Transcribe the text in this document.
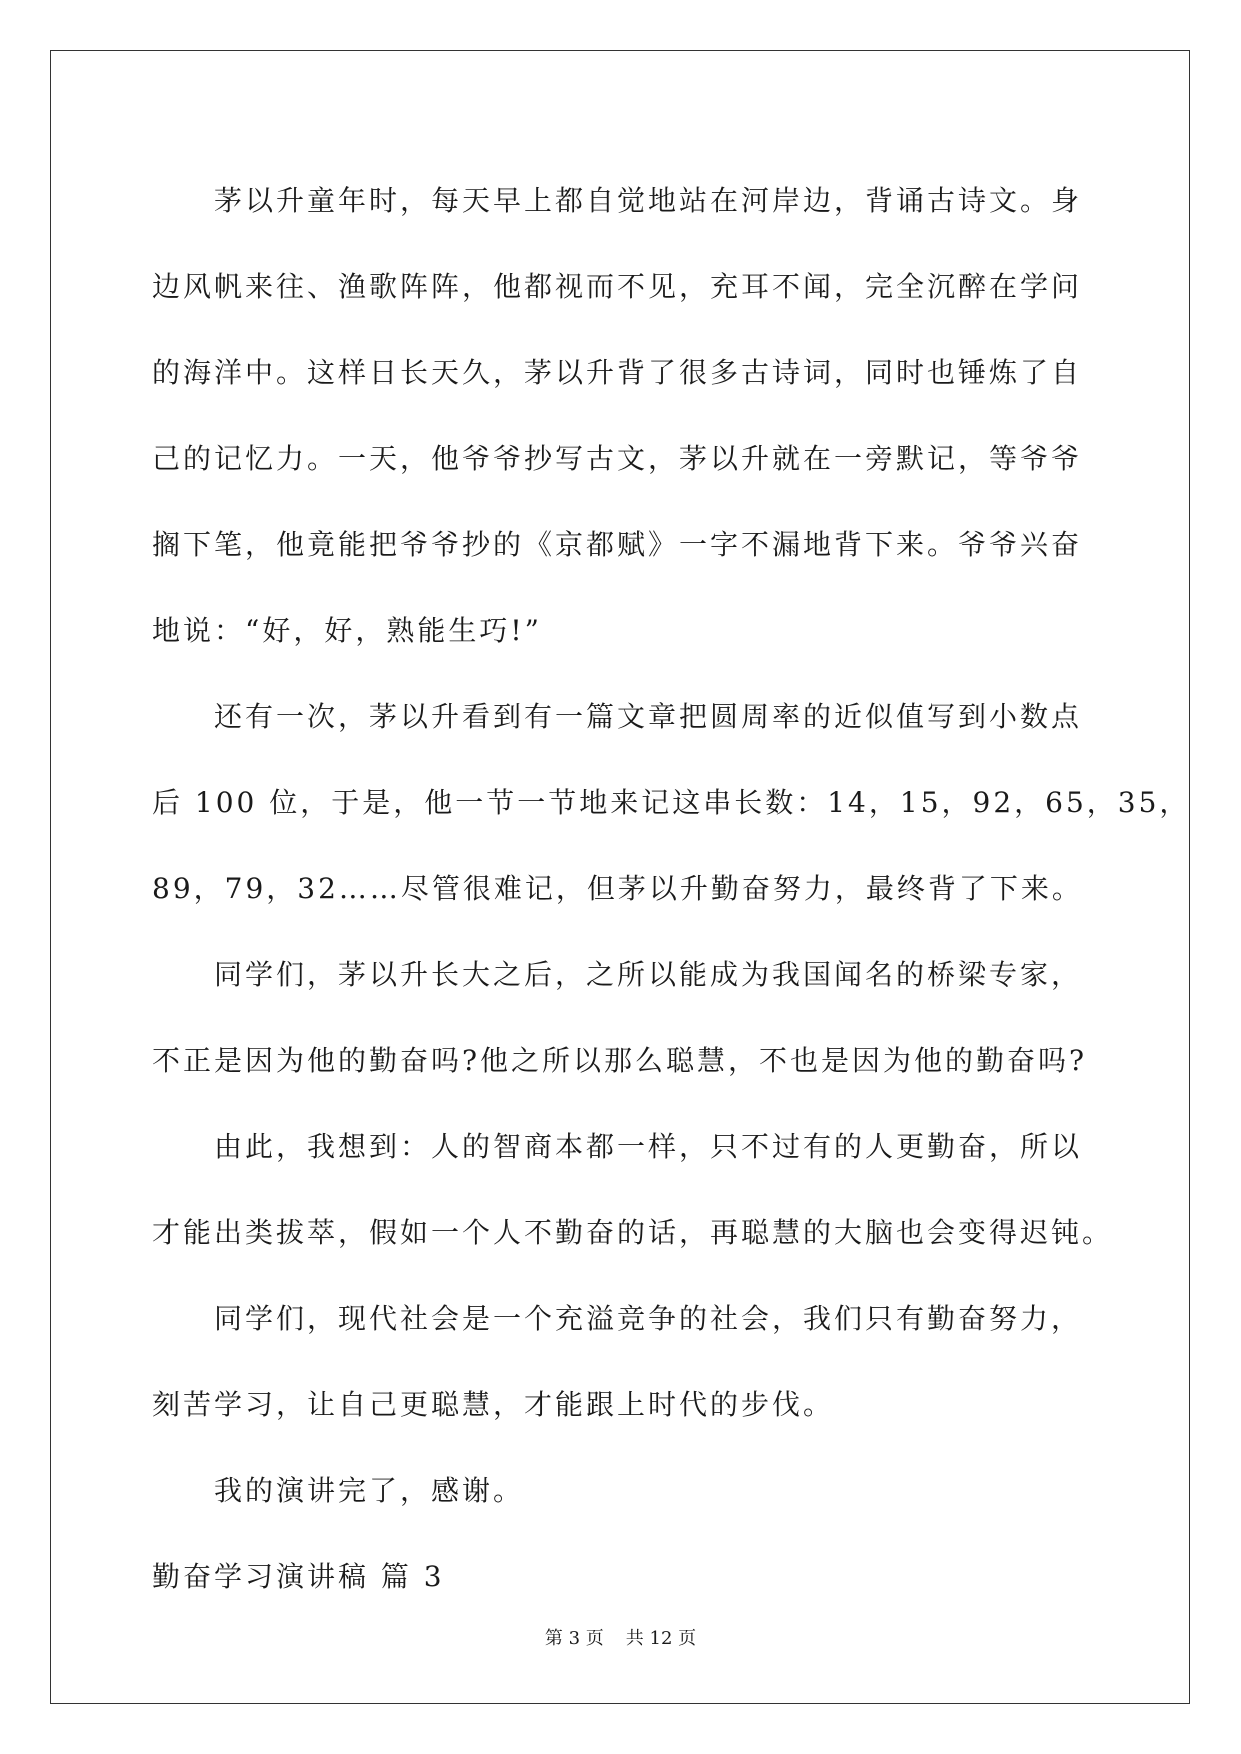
茅以升童年时，每天早上都自觉地站在河岸边，背诵古诗文。身
边风帆来往、渔歌阵阵，他都视而不见，充耳不闻，完全沉醉在学问
的海洋中。这样日长天久，茅以升背了很多古诗词，同时也锤炼了自
己的记忆力。一天，他爷爷抄写古文，茅以升就在一旁默记，等爷爷
搁下笔，他竟能把爷爷抄的《京都赋》一字不漏地背下来。爷爷兴奋
地说：“好，好，熟能生巧!”
还有一次，茅以升看到有一篇文章把圆周率的近似值写到小数点
后 100 位，于是，他一节一节地来记这串长数：14，15，92，65，35，
89，79，32……尽管很难记，但茅以升勤奋努力，最终背了下来。
同学们，茅以升长大之后，之所以能成为我国闻名的桥梁专家，
不正是因为他的勤奋吗?他之所以那么聪慧，不也是因为他的勤奋吗?
由此，我想到：人的智商本都一样，只不过有的人更勤奋，所以
才能出类拔萃，假如一个人不勤奋的话，再聪慧的大脑也会变得迟钝。
同学们，现代社会是一个充溢竞争的社会，我们只有勤奋努力，
刻苦学习，让自己更聪慧，才能跟上时代的步伐。
我的演讲完了，感谢。
勤奋学习演讲稿 篇 3
第 3 页 共 12 页
